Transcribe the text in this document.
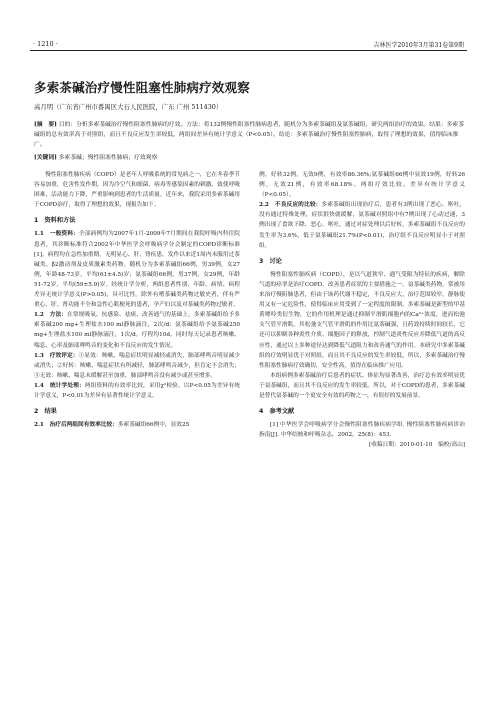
· 1210 ·	吉林医学2010年3月第31卷第9期
多索茶碱治疗慢性阻塞性肺病疗效观察
高月明（广东省广州市番禺区大石人民医院，广东 广州 511430）
[摘　要] 目的：分析多索茶碱治疗慢性阻塞性肺病的疗效。方法：将132例慢性阻塞性肺病患者，随机分为多索茶碱组及氨茶碱组，研究两组治疗的效果。结果：多索茶碱组的总有效率高于对照组，而且不良反应发生率较低，两组间差异有统计学意义（P<0.05）。结论：多索茶碱治疗慢性阻塞性肺病，取得了理想的效果，值得临床推广。
[关键词] 多索茶碱；慢性阻塞性肺病；疗效观察

慢性阻塞性肺疾病（COPD）是老年人呼吸系统的常见病之一，它在冬春季节容易加重，危害性发作期，因为冷空气和细菌、病毒等感染因素的刺激，致使呼吸困难，活动能力下降，严重影响到患者的生活质量。近年来，我院采用多索茶碱用于COPD治疗，取得了理想的效果，现报告如下。

1　资料和方法

1.1　一般资料：全部病例均为2007年1月-2009年7月期间在我院呼吸内科住院患者，其诊断标准符合2002年中华医学会呼吸病学分会制定的COPD诊断标准[1]，病程均在急性加重期。无明显心、肝、肾疾患。发作以来近1周内未服用过茶碱类、β2激动剂及皮质激素类药物。随机分为多索茶碱组66例，男39例，女27例，年龄48-73岁，平均(61±4.5)岁；氨茶碱组66例，男37例，女29例，年龄51-72岁，平均(59±5.9)岁。经统计学分析，两组患者性别、年龄、病情、病程差异无统计学意义(P>0.05)，具可比性。除外有嗜茶碱类药物过敏史者，伴有严重心、肝、肾功能不全和急性心肌梗死的患者，孕产妇以及对茶碱类药物过敏者。

1.2　方法：在常规吸氧、抗感染、祛痰、改善通气的基础上，多索茶碱组给予多索茶碱200 mg+生理盐水100 ml静脉滴注，2次/d；氨茶碱组给予氨茶碱250 mg+生理盐水100 ml静脉滴注，1次/d。疗程均10d。同时每天记录患者咳嗽、喘息、心率及肺部哮鸣音的变化和不良反应的发生情况。

1.3　疗效评定：①显效：咳嗽、喘息症状明显减轻或消失，肺部哮鸣音明显减少或消失；②好转：咳嗽、喘息症状有所减轻，肺部哮鸣音减少，但肯定不会消失；③无效：咳嗽、喘息未缓解甚至加重，肺部哮鸣音没有减少或甚至增多。

1.4　统计学处理：两组资料的有效率比较，采用χ²检验，以P<0.05为差异有统计学意义，P<0.01为差异有显著性统计学意义。

2　结果

2.1　治疗后两组间有效率比较：多索茶碱组66例中，显效25

例，好转32例，无效9例，有效率86.36%;氨茶碱组66例中显效19例，好转26例，无效21例，有效率68.18%。两组疗效比较，差异有统计学意义（P<0.05）。

2.2　不良反应的比较：多索茶碱组出现治疗后，患者有3例出现了恶心、呕吐，没有通过特殊处理，症状很快就缓解，氨茶碱对照组中有7例出现了心动过速，3例出现了食欲下降、恶心、呕吐，通过对症处理以后好转，多索茶碱组不良反应的发生率为3.6%，低于氨茶碱组21.7%(P<0.01)，治疗组不良反应明显小于对照组。

3　讨论

慢性阻塞性肺疾病（COPD），是以气道狭窄、通气受限为特征的疾病，解除气道的痉挛是治疗COPD，改善患者症状的主要措施之一。氨茶碱类药物，常被用来治疗慢阻肺患者，但由于该药代谢不稳定，不良反应大，治疗范围较窄，静脉使用又有一定危险性，使得临床应用受到了一定程度的限制。多索茶碱是新型的甲基黄嘌呤类衍生物，它的作用机理是通过抑制平滑肌细胞内的Ca²⁺浓度，进而松弛支气管平滑肌。其松弛支气管平滑肌的作用比氨茶碱强，且药效持续时间较长，它还可以抑制各种炎性介质、细胞因子的释放，控制气道炎性反应并降低气道的高反应性，通过以上多种途径达到降低气道阻力和改善通气的作用。本研究中多索茶碱组的疗效明显优于对照组，而且其不良反应的发生率较低，所以，多索茶碱治疗慢性阻塞性肺病疗效确切，安全性高，值得在临床推广应用。

本组病例多索茶碱治疗后患者的症状、体征均显著改善，治疗总有效率明显优于氨茶碱组，而且其不良反应的发生率较低。所以，对于COPD的患者，多索茶碱是替代氨茶碱的一个更安全有效的药物之一，有很好的发展前景。

4　参考文献

[1] 中华医学会呼吸病学分会慢性阻塞性肺疾病学组. 慢性阻塞性肺疾病诊治指南[J]. 中华结核和呼吸杂志，2002，25(8)：453.

[收稿日期：2010-01-10　编校/高山]
